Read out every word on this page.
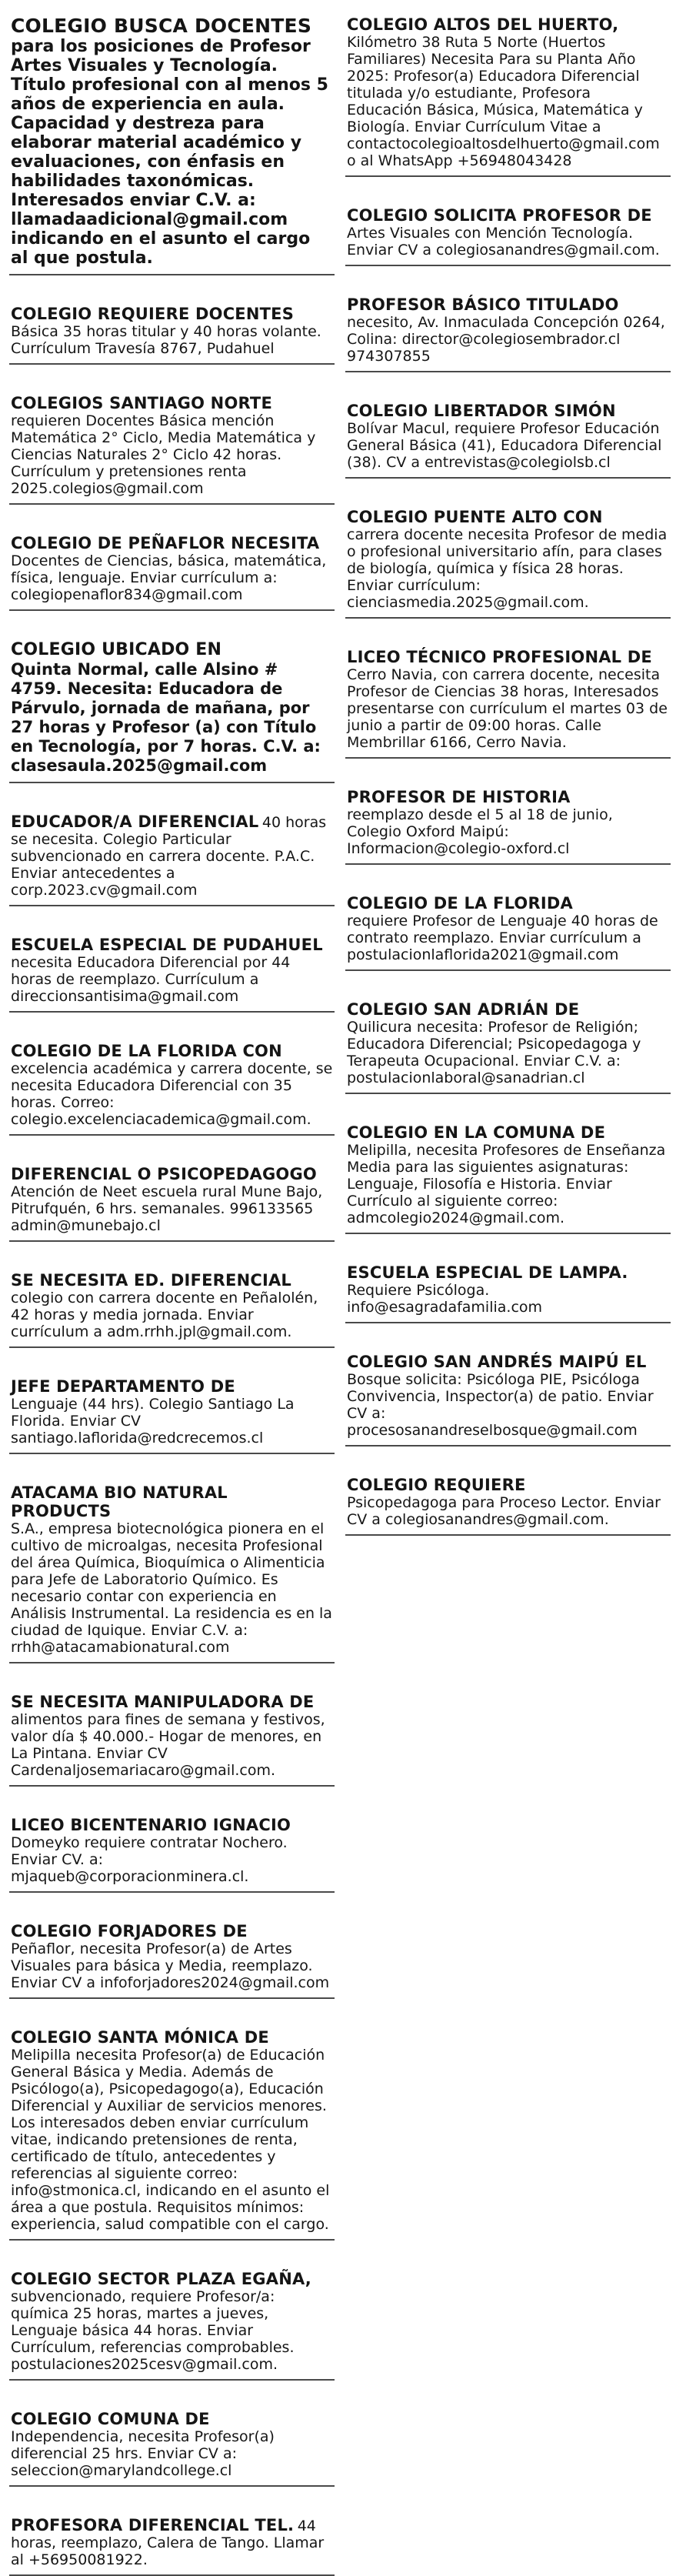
COLEGIO BUSCA DOCENTES
para los posiciones de Profesor Artes Visuales y Tecnología. Título profesional con al menos 5 años de experiencia en aula. Capacidad y destreza para elaborar material académico y evaluaciones, con énfasis en habilidades taxonómicas. Interesados enviar C.V. a: llamadaadicional@gmail.com indicando en el asunto el cargo al que postula.
COLEGIO REQUIERE DOCENTES
Básica 35 horas titular y 40 horas volante. Currículum Travesía 8767, Pudahuel
COLEGIOS SANTIAGO NORTE
requieren Docentes Básica mención Matemática 2° Ciclo, Media Matemática y Ciencias Naturales 2° Ciclo 42 horas. Currículum y pretensiones renta 2025.colegios@gmail.com
COLEGIO DE PEÑAFLOR NECESITA
Docentes de Ciencias, básica, matemática, física, lenguaje. Enviar currículum a: colegiopenaflor834@gmail.com
COLEGIO UBICADO EN
Quinta Normal, calle Alsino # 4759. Necesita: Educadora de Párvulo, jornada de mañana, por 27 horas y Profesor (a) con Título en Tecnología, por 7 horas. C.V. a: clasesaula.2025@gmail.com
EDUCADOR/A DIFERENCIAL 40 horas se necesita. Colegio Particular subvencionado en carrera docente. P.A.C. Enviar antecedentes a corp.2023.cv@gmail.com
ESCUELA ESPECIAL DE PUDAHUEL
necesita Educadora Diferencial por 44 horas de reemplazo. Currículum a direccionsantisima@gmail.com
COLEGIO DE LA FLORIDA CON
excelencia académica y carrera docente, se necesita Educadora Diferencial con 35 horas. Correo: colegio.excelenciacademica@gmail.com.
DIFERENCIAL O PSICOPEDAGOGO
Atención de Neet escuela rural Mune Bajo, Pitrufquén, 6 hrs. semanales. 996133565 admin@munebajo.cl
SE NECESITA ED. DIFERENCIAL
colegio con carrera docente en Peñalolén, 42 horas y media jornada. Enviar currículum a adm.rrhh.jpl@gmail.com.
JEFE DEPARTAMENTO DE
Lenguaje (44 hrs). Colegio Santiago La Florida. Enviar CV santiago.laflorida@redcrecemos.cl
ATACAMA BIO NATURAL PRODUCTS
S.A., empresa biotecnológica pionera en el cultivo de microalgas, necesita Profesional del área Química, Bioquímica o Alimenticia para Jefe de Laboratorio Químico. Es necesario contar con experiencia en Análisis Instrumental. La residencia es en la ciudad de Iquique. Enviar C.V. a: rrhh@atacamabionatural.com
SE NECESITA MANIPULADORA DE
alimentos para fines de semana y festivos, valor día $ 40.000.- Hogar de menores, en La Pintana. Enviar CV Cardenaljosemariacaro@gmail.com.
LICEO BICENTENARIO IGNACIO
Domeyko requiere contratar Nochero. Enviar CV. a: mjaqueb@corporacionminera.cl.
COLEGIO FORJADORES DE
Peñaflor, necesita Profesor(a) de Artes Visuales para básica y Media, reemplazo. Enviar CV a infoforjadores2024@gmail.com
COLEGIO SANTA MÓNICA DE
Melipilla necesita Profesor(a) de Educación General Básica y Media. Además de Psicólogo(a), Psicopedagogo(a), Educación Diferencial y Auxiliar de servicios menores. Los interesados deben enviar currículum vitae, indicando pretensiones de renta, certificado de título, antecedentes y referencias al siguiente correo: info@stmonica.cl, indicando en el asunto el área a que postula. Requisitos mínimos: experiencia, salud compatible con el cargo.
COLEGIO SECTOR PLAZA EGAÑA,
subvencionado, requiere Profesor/a: química 25 horas, martes a jueves, Lenguaje básica 44 horas. Enviar Currículum, referencias comprobables. postulaciones2025cesv@gmail.com.
COLEGIO COMUNA DE
Independencia, necesita Profesor(a) diferencial 25 hrs. Enviar CV a: seleccion@marylandcollege.cl
PROFESORA DIFERENCIAL TEL. 44 horas, reemplazo, Calera de Tango. Llamar al +56950081922.
COLEGIO ALTOS DEL HUERTO,
Kilómetro 38 Ruta 5 Norte (Huertos Familiares) Necesita Para su Planta Año 2025: Profesor(a) Educadora Diferencial titulada y/o estudiante, Profesora Educación Básica, Música, Matemática y Biología. Enviar Currículum Vitae a contactocolegioaltosdelhuerto@gmail.com o al WhatsApp +56948043428
COLEGIO SOLICITA PROFESOR DE
Artes Visuales con Mención Tecnología. Enviar CV a colegiosanandres@gmail.com.
PROFESOR BÁSICO TITULADO
necesito, Av. Inmaculada Concepción 0264, Colina: director@colegiosembrador.cl 974307855
COLEGIO LIBERTADOR SIMÓN
Bolívar Macul, requiere Profesor Educación General Básica (41), Educadora Diferencial (38). CV a entrevistas@colegiolsb.cl
COLEGIO PUENTE ALTO CON
carrera docente necesita Profesor de media o profesional universitario afín, para clases de biología, química y física 28 horas. Enviar currículum: cienciasmedia.2025@gmail.com.
LICEO TÉCNICO PROFESIONAL DE
Cerro Navia, con carrera docente, necesita Profesor de Ciencias 38 horas, Interesados presentarse con currículum el martes 03 de junio a partir de 09:00 horas. Calle Membrillar 6166, Cerro Navia.
PROFESOR DE HISTORIA
reemplazo desde el 5 al 18 de junio, Colegio Oxford Maipú: Informacion@colegio-oxford.cl
COLEGIO DE LA FLORIDA
requiere Profesor de Lenguaje 40 horas de contrato reemplazo. Enviar currículum a postulacionlaflorida2021@gmail.com
COLEGIO SAN ADRIÁN DE
Quilicura necesita: Profesor de Religión; Educadora Diferencial; Psicopedagoga y Terapeuta Ocupacional. Enviar C.V. a: postulacionlaboral@sanadrian.cl
COLEGIO EN LA COMUNA DE
Melipilla, necesita Profesores de Enseñanza Media para las siguientes asignaturas: Lenguaje, Filosofía e Historia. Enviar Currículo al siguiente correo: admcolegio2024@gmail.com.
ESCUELA ESPECIAL DE LAMPA.
Requiere Psicóloga. info@esagradafamilia.com
COLEGIO SAN ANDRÉS MAIPÚ EL
Bosque solicita: Psicóloga PIE, Psicóloga Convivencia, Inspector(a) de patio. Enviar CV a: procesosanandreselbosque@gmail.com
COLEGIO REQUIERE
Psicopedagoga para Proceso Lector. Enviar CV a colegiosanandres@gmail.com.
